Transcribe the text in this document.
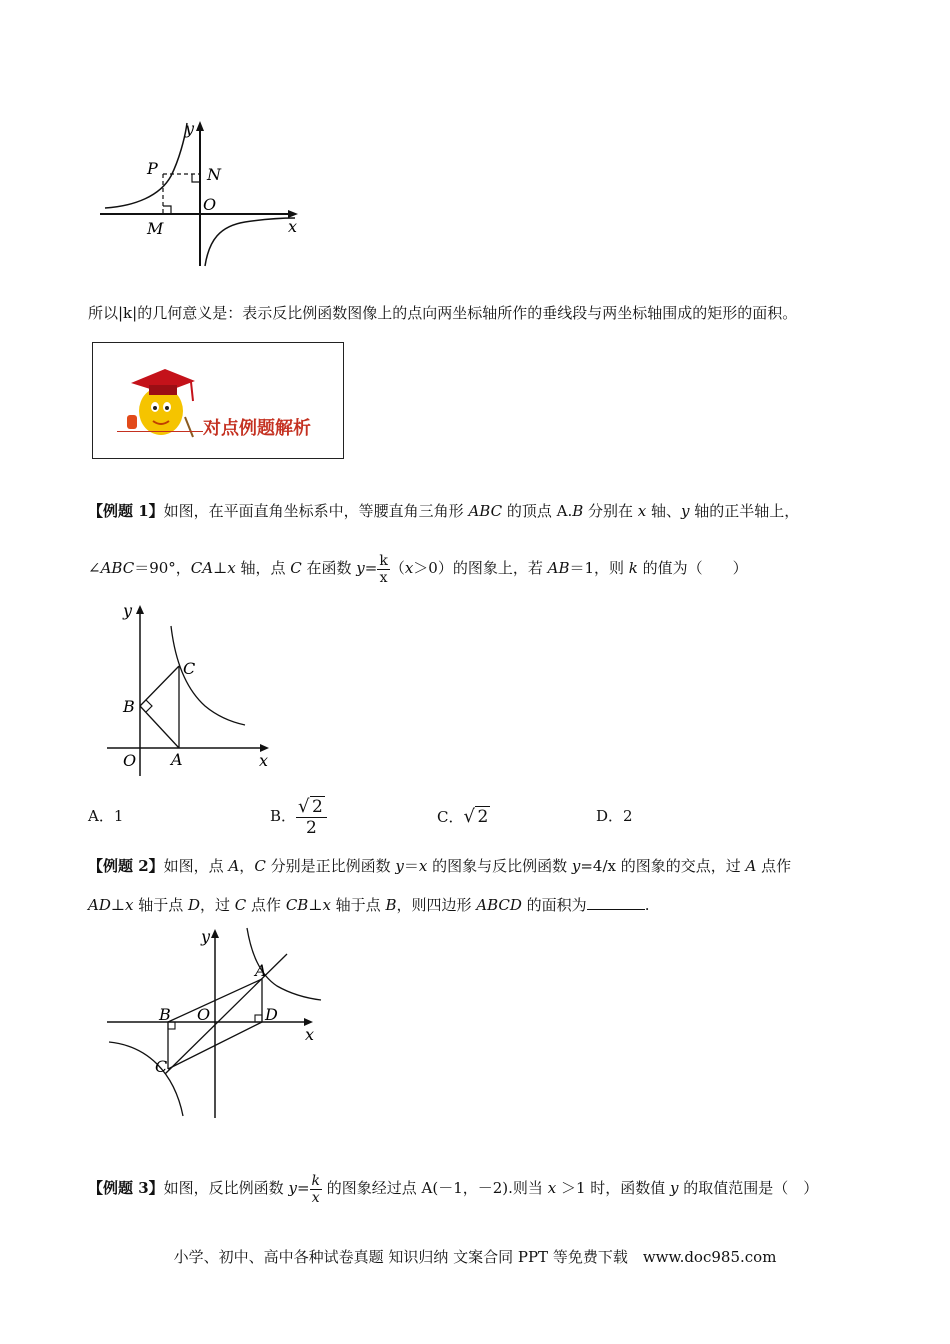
y
x
P	N
O
M
所以|k|的几何意义是：表示反比例函数图像上的点向两坐标轴所作的垂线段与两坐标轴围成的矩形的面积。
对点例题解析
【例题 1】如图，在平面直角坐标系中，等腰直角三角形 ABC 的顶点 A.B 分别在 x 轴、y 轴的正半轴上，
∠ABC＝90°，CA⊥x 轴，点 C 在函数 $y= \frac{k}{x} (x>0)$的图象上，若 AB＝1，则 k 的值为（　　）
y
x
C
B
O A
A．1	B． $\frac{√ 2}{2}$	C． √ 2	D．2
【例题 2】如图，点 A，C 分别是正比例函数 y＝x 的图象与反比例函数 y=4/x 的图象的交点，过 A 点作
AD⊥x 轴于点 D，过 C 点作 CB⊥x 轴于点 B，则四边形 ABCD 的面积为	.
y
x
A
B O	D
C
【例题 3】如图，反比例函数 $y= \frac{k}{x}$ 的图象经过点 A(－1，－2).则当 x ＞1 时，函数值 y 的取值范围是（　）
小学、初中、高中各种试卷真题 知识归纳 文案合同 PPT 等免费下载　www.doc985.com
